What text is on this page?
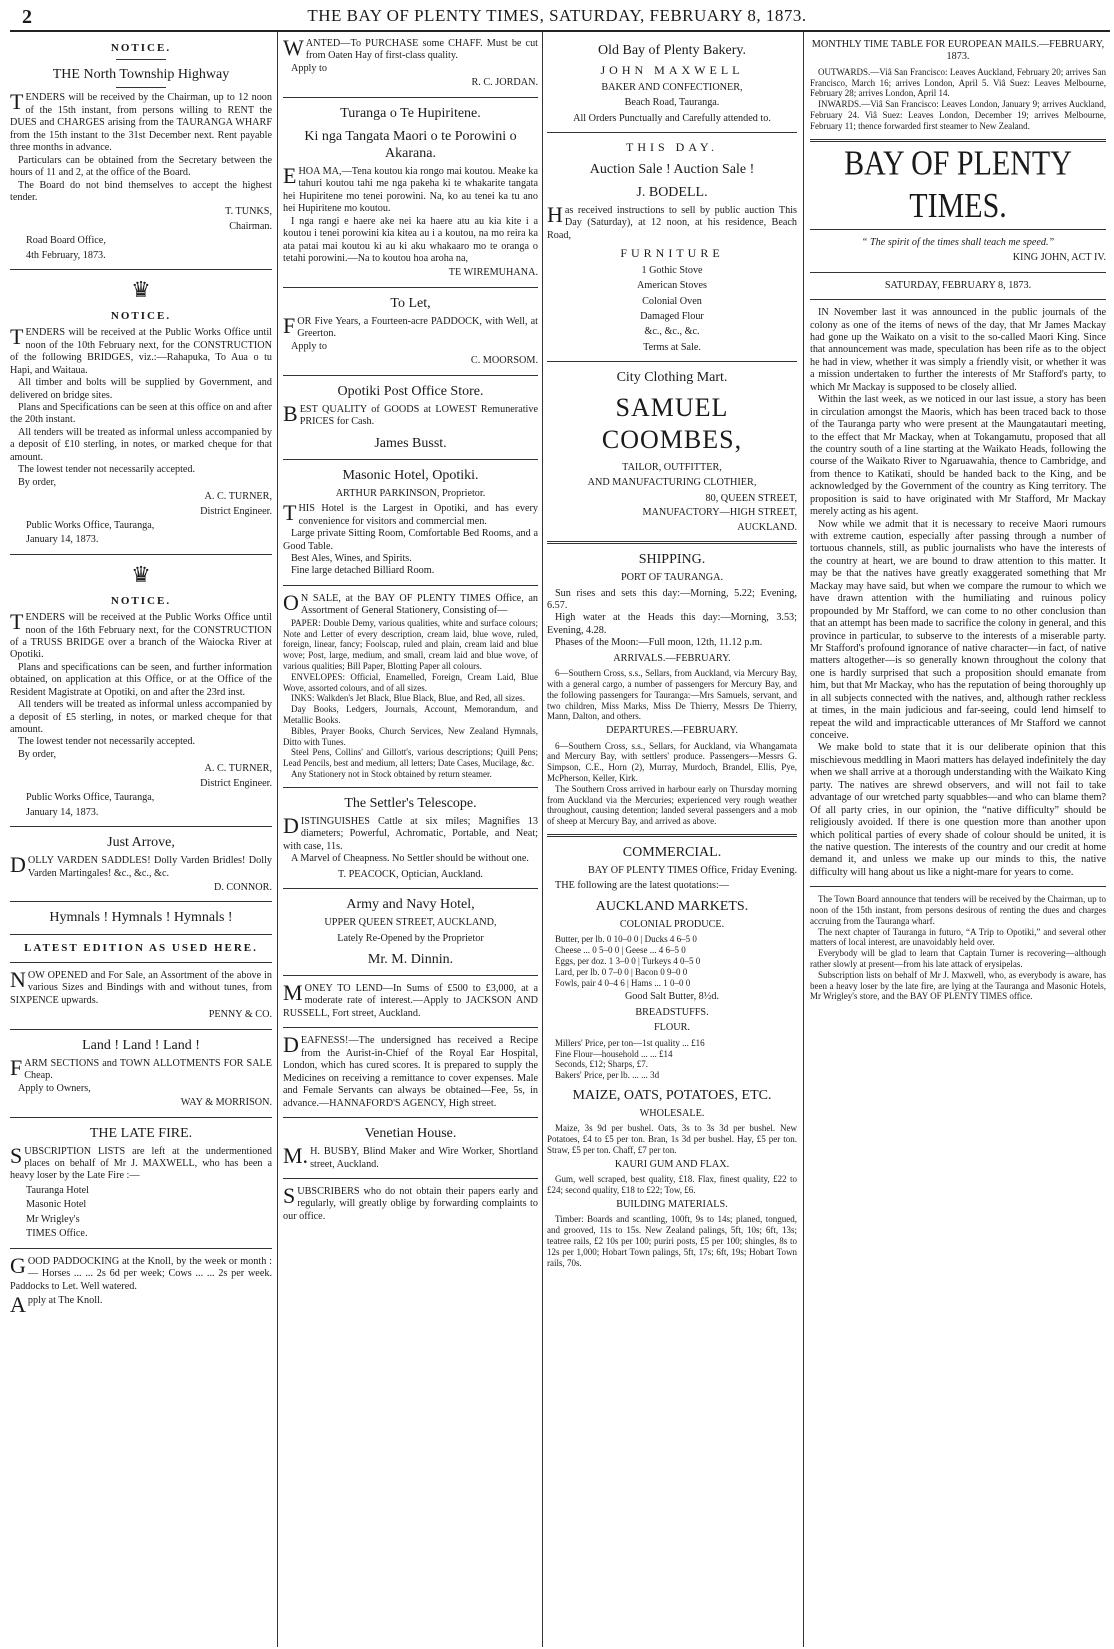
2	THE BAY OF PLENTY TIMES, SATURDAY, FEBRUARY 8, 1873.
NOTICE.
THE North Township Highway
TENDERS will be received by the Chairman, up to 12 noon of the 15th instant, from persons willing to RENT the DUES and CHARGES arising from the TAURANGA WHARF from the 15th instant to the 31st December next. Rent payable three months in advance.
Particulars can be obtained from the Secretary between the hours of 11 and 2, at the office of the Board.
The Board do not bind themselves to accept the highest tender.
T. TUNKS,
Chairman.
Road Board Office,
4th February, 1873.
♛
NOTICE.
TENDERS will be received at the Public Works Office until noon of the 10th February next, for the CONSTRUCTION of the following BRIDGES, viz.:—Rahapuka, To Aua o tu Hapi, and Waitaua.
All timber and bolts will be supplied by Government, and delivered on bridge sites.
Plans and Specifications can be seen at this office on and after the 20th instant.
All tenders will be treated as informal unless accompanied by a deposit of £10 sterling, in notes, or marked cheque for that amount.
The lowest tender not necessarily accepted.
By order,
A. C. TURNER,
District Engineer.
Public Works Office, Tauranga,
January 14, 1873.
♛
NOTICE.
TENDERS will be received at the Public Works Office until noon of the 16th February next, for the CONSTRUCTION of a TRUSS BRIDGE over a branch of the Waiocka River at Opotiki.
Plans and specifications can be seen, and further information obtained, on application at this Office, or at the Office of the Resident Magistrate at Opotiki, on and after the 23rd inst.
All tenders will be treated as informal unless accompanied by a deposit of £5 sterling, in notes, or marked cheque for that amount.
The lowest tender not necessarily accepted.
By order,
A. C. TURNER,
District Engineer.
Public Works Office, Tauranga,
January 14, 1873.
Just Arrove,
DOLLY VARDEN SADDLES! Dolly Varden Bridles! Dolly Varden Martingales! &c., &c., &c.
D. CONNOR.
Hymnals ! Hymnals ! Hymnals !
LATEST EDITION AS USED HERE.
NOW OPENED and For Sale, an Assortment of the above in various Sizes and Bindings with and without tunes, from SIXPENCE upwards.
PENNY & CO.
Land ! Land ! Land !
FARM SECTIONS and TOWN ALLOTMENTS FOR SALE Cheap.
Apply to Owners,
WAY & MORRISON.
THE LATE FIRE.
SUBSCRIPTION LISTS are left at the undermentioned places on behalf of Mr J. MAXWELL, who has been a heavy loser by the Late Fire :—
Tauranga Hotel
Masonic Hotel
Mr Wrigley's
TIMES Office.
GOOD PADDOCKING at the Knoll, by the week or month :— Horses ... ... 2s 6d per week; Cows ... ... 2s per week. Paddocks to Let. Well watered.
Apply at The Knoll.
WANTED—To PURCHASE some CHAFF. Must be cut from Oaten Hay of first-class quality.
Apply to
R. C. JORDAN.
Turanga o Te Hupiritene.
Ki nga Tangata Maori o te Porowini o Akarana.
EHOA MA,—Tena koutou kia rongo mai koutou. Meake ka tahuri koutou tahi me nga pakeha ki te whakarite tangata hei Hupiritene mo tenei porowini. Na, ko au tenei ka tu ano hei Hupiritene mo koutou.
I nga rangi e haere ake nei ka haere atu au kia kite i a koutou i tenei porowini kia kitea au i a koutou, na mo reira ka ata patai mai koutou ki au ki aku whakaaro mo te oranga o tetahi porowini.—Na to koutou hoa aroha na,
TE WIREMUHANA.
To Let,
FOR Five Years, a Fourteen-acre PADDOCK, with Well, at Greerton.
Apply to
C. MOORSOM.
Opotiki Post Office Store.
BEST QUALITY of GOODS at LOWEST Remunerative PRICES for Cash.
James Busst.
Masonic Hotel, Opotiki.
ARTHUR PARKINSON, Proprietor.
THIS Hotel is the Largest in Opotiki, and has every convenience for visitors and commercial men.
Large private Sitting Room, Comfortable Bed Rooms, and a Good Table.
Best Ales, Wines, and Spirits.
Fine large detached Billiard Room.
ON SALE, at the BAY OF PLENTY TIMES Office, an Assortment of General Stationery, Consisting of—
PAPER: Double Demy, various qualities, white and surface colours; Note and Letter of every description, cream laid, blue wove, ruled, foreign, linear, fancy; Foolscap, ruled and plain, cream laid and blue wove; Post, large, medium, and small, cream laid and blue wove, of various qualities; Bill Paper, Blotting Paper all colours.
ENVELOPES: Official, Enamelled, Foreign, Cream Laid, Blue Wove, assorted colours, and of all sizes.
INKS: Walkden's Jet Black, Blue Black, Blue, and Red, all sizes.
Day Books, Ledgers, Journals, Account, Memorandum, and Metallic Books.
Bibles, Prayer Books, Church Services, New Zealand Hymnals, Ditto with Tunes.
Steel Pens, Collins' and Gillott's, various descriptions; Quill Pens; Lead Pencils, best and medium, all letters; Date Cases, Mucilage, &c.
Any Stationery not in Stock obtained by return steamer.
The Settler's Telescope.
DISTINGUISHES Cattle at six miles; Magnifies 13 diameters; Powerful, Achromatic, Portable, and Neat; with case, 11s.
A Marvel of Cheapness. No Settler should be without one.
T. PEACOCK, Optician, Auckland.
Army and Navy Hotel,
UPPER QUEEN STREET, AUCKLAND,
Lately Re-Opened by the Proprietor
Mr. M. Dinnin.
MONEY TO LEND—In Sums of £500 to £3,000, at a moderate rate of interest.—Apply to JACKSON AND RUSSELL, Fort street, Auckland.
DEAFNESS!—The undersigned has received a Recipe from the Aurist-in-Chief of the Royal Ear Hospital, London, which has cured scores. It is prepared to supply the Medicines on receiving a remittance to cover expenses. Male and Female Servants can always be obtained—Fee, 5s, in advance.—HANNAFORD'S AGENCY, High street.
Venetian House.
M.H. BUSBY, Blind Maker and Wire Worker, Shortland street, Auckland.
SUBSCRIBERS who do not obtain their papers early and regularly, will greatly oblige by forwarding complaints to our office.
Old Bay of Plenty Bakery.
JOHN MAXWELL
BAKER AND CONFECTIONER,
Beach Road, Tauranga.
All Orders Punctually and Carefully attended to.
THIS DAY.
Auction Sale ! Auction Sale !
J. BODELL.
Has received instructions to sell by public auction This Day (Saturday), at 12 noon, at his residence, Beach Road,
FURNITURE
1 Gothic Stove
American Stoves
Colonial Oven
Damaged Flour
&c., &c., &c.
Terms at Sale.
City Clothing Mart.
SAMUEL COOMBES,
TAILOR, OUTFITTER,
AND MANUFACTURING CLOTHIER,
80, QUEEN STREET,
MANUFACTORY—HIGH STREET,
AUCKLAND.
SHIPPING.
PORT OF TAURANGA.
Sun rises and sets this day:—Morning, 5.22; Evening, 6.57.
High water at the Heads this day:—Morning, 3.53; Evening, 4.28.
Phases of the Moon:—Full moon, 12th, 11.12 p.m.
ARRIVALS.—FEBRUARY.
6—Southern Cross, s.s., Sellars, from Auckland, via Mercury Bay, with a general cargo, a number of passengers for Mercury Bay, and the following passengers for Tauranga:—Mrs Samuels, servant, and two children, Miss Marks, Miss De Thierry, Messrs De Thierry, Mann, Dalton, and others.
DEPARTURES.—FEBRUARY.
6—Southern Cross, s.s., Sellars, for Auckland, via Whangamata and Mercury Bay, with settlers' produce. Passengers—Messrs G. Simpson, C.E., Horn (2), Murray, Murdoch, Brandel, Ellis, Pye, McPherson, Keller, Kirk.
The Southern Cross arrived in harbour early on Thursday morning from Auckland via the Mercuries; experienced very rough weather throughout, causing detention; landed several passengers and a mob of sheep at Mercury Bay, and arrived as above.
COMMERCIAL.
BAY OF PLENTY TIMES Office, Friday Evening.
THE following are the latest quotations:—
AUCKLAND MARKETS.
COLONIAL PRODUCE.
Butter, per lb. 0 10–0 0 | Ducks 4 6–5 0
Cheese ... 0 5–0 0 | Geese ... 4 6–5 0
Eggs, per doz. 1 3–0 0 | Turkeys 4 0–5 0
Lard, per lb. 0 7–0 0 | Bacon 0 9–0 0
Fowls, pair 4 0–4 6 | Hams ... 1 0–0 0
Good Salt Butter, 8½d.
BREADSTUFFS.
FLOUR.
Millers' Price, per ton—1st quality ... £16
Fine Flour—household ... ... £14
Seconds, £12; Sharps, £7.
Bakers' Price, per lb. ... ... 3d
MAIZE, OATS, POTATOES, ETC.
WHOLESALE.
Maize, 3s 9d per bushel. Oats, 3s to 3s 3d per bushel. New Potatoes, £4 to £5 per ton. Bran, 1s 3d per bushel. Hay, £5 per ton. Straw, £5 per ton. Chaff, £7 per ton.
KAURI GUM AND FLAX.
Gum, well scraped, best quality, £18. Flax, finest quality, £22 to £24; second quality, £18 to £22; Tow, £6.
BUILDING MATERIALS.
Timber: Boards and scantling, 100ft, 9s to 14s; planed, tongued, and grooved, 11s to 15s. New Zealand palings, 5ft, 10s; 6ft, 13s; teatree rails, £2 10s per 100; puriri posts, £5 per 100; shingles, 8s to 12s per 1,000; Hobart Town palings, 5ft, 17s; 6ft, 19s; Hobart Town rails, 70s.
MONTHLY TIME TABLE FOR EUROPEAN MAILS.—FEBRUARY, 1873.
OUTWARDS.—Viâ San Francisco: Leaves Auckland, February 20; arrives San Francisco, March 16; arrives London, April 5. Viâ Suez: Leaves Melbourne, February 28; arrives London, April 14.
INWARDS.—Viâ San Francisco: Leaves London, January 9; arrives Auckland, February 24. Viâ Suez: Leaves London, December 19; arrives Melbourne, February 11; thence forwarded first steamer to New Zealand.
BAY OF PLENTY TIMES.
“ The spirit of the times shall teach me speed.”
KING JOHN, ACT IV.
SATURDAY, FEBRUARY 8, 1873.
IN November last it was announced in the public journals of the colony as one of the items of news of the day, that Mr James Mackay had gone up the Waikato on a visit to the so-called Maori King. Since that announcement was made, speculation has been rife as to the object he had in view, whether it was simply a friendly visit, or whether it was a mission undertaken to further the interests of Mr Stafford's party, to which Mr Mackay is supposed to be closely allied.
Within the last week, as we noticed in our last issue, a story has been in circulation amongst the Maoris, which has been traced back to those of the Tauranga party who were present at the Maungatautari meeting, to the effect that Mr Mackay, when at Tokangamutu, proposed that all the country south of a line starting at the Waikato Heads, following the course of the Waikato River to Ngaruawahia, thence to Cambridge, and from thence to Katikati, should be handed back to the King, and be acknowledged by the Government of the country as King territory. The proposition is said to have originated with Mr Stafford, Mr Mackay merely acting as his agent.
Now while we admit that it is necessary to receive Maori rumours with extreme caution, especially after passing through a number of tortuous channels, still, as public journalists who have the interests of the country at heart, we are bound to draw attention to this matter. It may be that the natives have greatly exaggerated something that Mr Mackay may have said, but when we compare the rumour to which we have drawn attention with the humiliating and ruinous policy propounded by Mr Stafford, we can come to no other conclusion than that an attempt has been made to sacrifice the colony in general, and this province in particular, to subserve to the interests of a miserable party. Mr Stafford's profound ignorance of native character—in fact, of native matters altogether—is so generally known throughout the colony that one is hardly surprised that such a proposition should emanate from him, but that Mr Mackay, who has the reputation of being thoroughly up in all subjects connected with the natives, and, although rather reckless at times, in the main judicious and far-seeing, could lend himself to repeat the wild and impracticable utterances of Mr Stafford we cannot conceive.
We make bold to state that it is our deliberate opinion that this mischievous meddling in Maori matters has delayed indefinitely the day when we shall arrive at a thorough understanding with the Waikato King party. The natives are shrewd observers, and will not fail to take advantage of our wretched party squabbles—and who can blame them? Of all party cries, in our opinion, the “native difficulty” should be religiously avoided. If there is one question more than another upon which political parties of every shade of colour should be united, it is the native question. The interests of the country and our credit at home demand it, and unless we make up our minds to this, the native difficulty will hang about us like a night-mare for years to come.
The Town Board announce that tenders will be received by the Chairman, up to noon of the 15th instant, from persons desirous of renting the dues and charges accruing from the Tauranga wharf.
The next chapter of Tauranga in futuro, “A Trip to Opotiki,” and several other matters of local interest, are unavoidably held over.
Everybody will be glad to learn that Captain Turner is recovering—although rather slowly at present—from his late attack of erysipelas.
Subscription lists on behalf of Mr J. Maxwell, who, as everybody is aware, has been a heavy loser by the late fire, are lying at the Tauranga and Masonic Hotels, Mr Wrigley's store, and the BAY OF PLENTY TIMES office.
